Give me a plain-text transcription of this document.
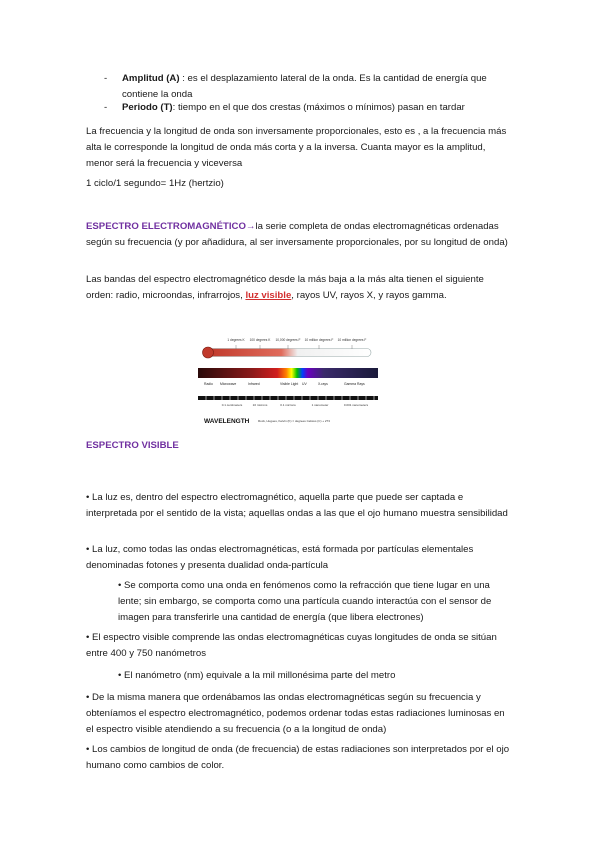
- Amplitud (A) : es el desplazamiento lateral de la onda. Es la cantidad de energía que contiene la onda
- Periodo (T): tiempo en el que dos crestas (máximos o mínimos) pasan en tardar

La frecuencia y la longitud de onda son inversamente proporcionales, esto es , a la frecuencia más alta le corresponde la longitud de onda más corta y a la inversa. Cuanta mayor es la amplitud, menor será la frecuencia y viceversa

1 ciclo/1 segundo= 1Hz (hertzio)

ESPECTRO ELECTROMAGNÉTICO→la serie completa de ondas electromagnéticas ordenadas según su frecuencia (y por añadidura, al ser inversamente proporcionales, por su longitud de onda)

Las bandas del espectro electromagnético desde la más baja a la más alta tienen el siguiente orden: radio, microondas, infrarrojos, luz visible, rayos UV, rayos X, y rayos gamma.

1 degrees K 100 degrees K 10,000 degrees F 10 million degrees F 10 million degrees F
Radio Microwave	Infrared	Visible Light UV	X-rays	Gamma Rays
0.1 centimeters	10 microns	0.1 microns	1 nanometer	0.001 nanometers
WAVELENGTH	Rock, Hugues, Kelvin (K) = degrees Celsius (C) + 273

ESPECTRO VISIBLE

• La luz es, dentro del espectro electromagnético, aquella parte que puede ser captada e interpretada por el sentido de la vista; aquellas ondas a las que el ojo humano muestra sensibilidad

• La luz, como todas las ondas electromagnéticas, está formada por partículas elementales denominadas fotones y presenta dualidad onda-partícula

• Se comporta como una onda en fenómenos como la refracción que tiene lugar en una lente; sin embargo, se comporta como una partícula cuando interactúa con el sensor de imagen para transferirle una cantidad de energía (que libera electrones)

• El espectro visible comprende las ondas electromagnéticas cuyas longitudes de onda se sitúan entre 400 y 750 nanómetros

• El nanómetro (nm) equivale a la mil millonésima parte del metro

• De la misma manera que ordenábamos las ondas electromagnéticas según su frecuencia y obteníamos el espectro electromagnético, podemos ordenar todas estas radiaciones luminosas en el espectro visible atendiendo a su frecuencia (o a la longitud de onda)

• Los cambios de longitud de onda (de frecuencia) de estas radiaciones son interpretados por el ojo humano como cambios de color.
